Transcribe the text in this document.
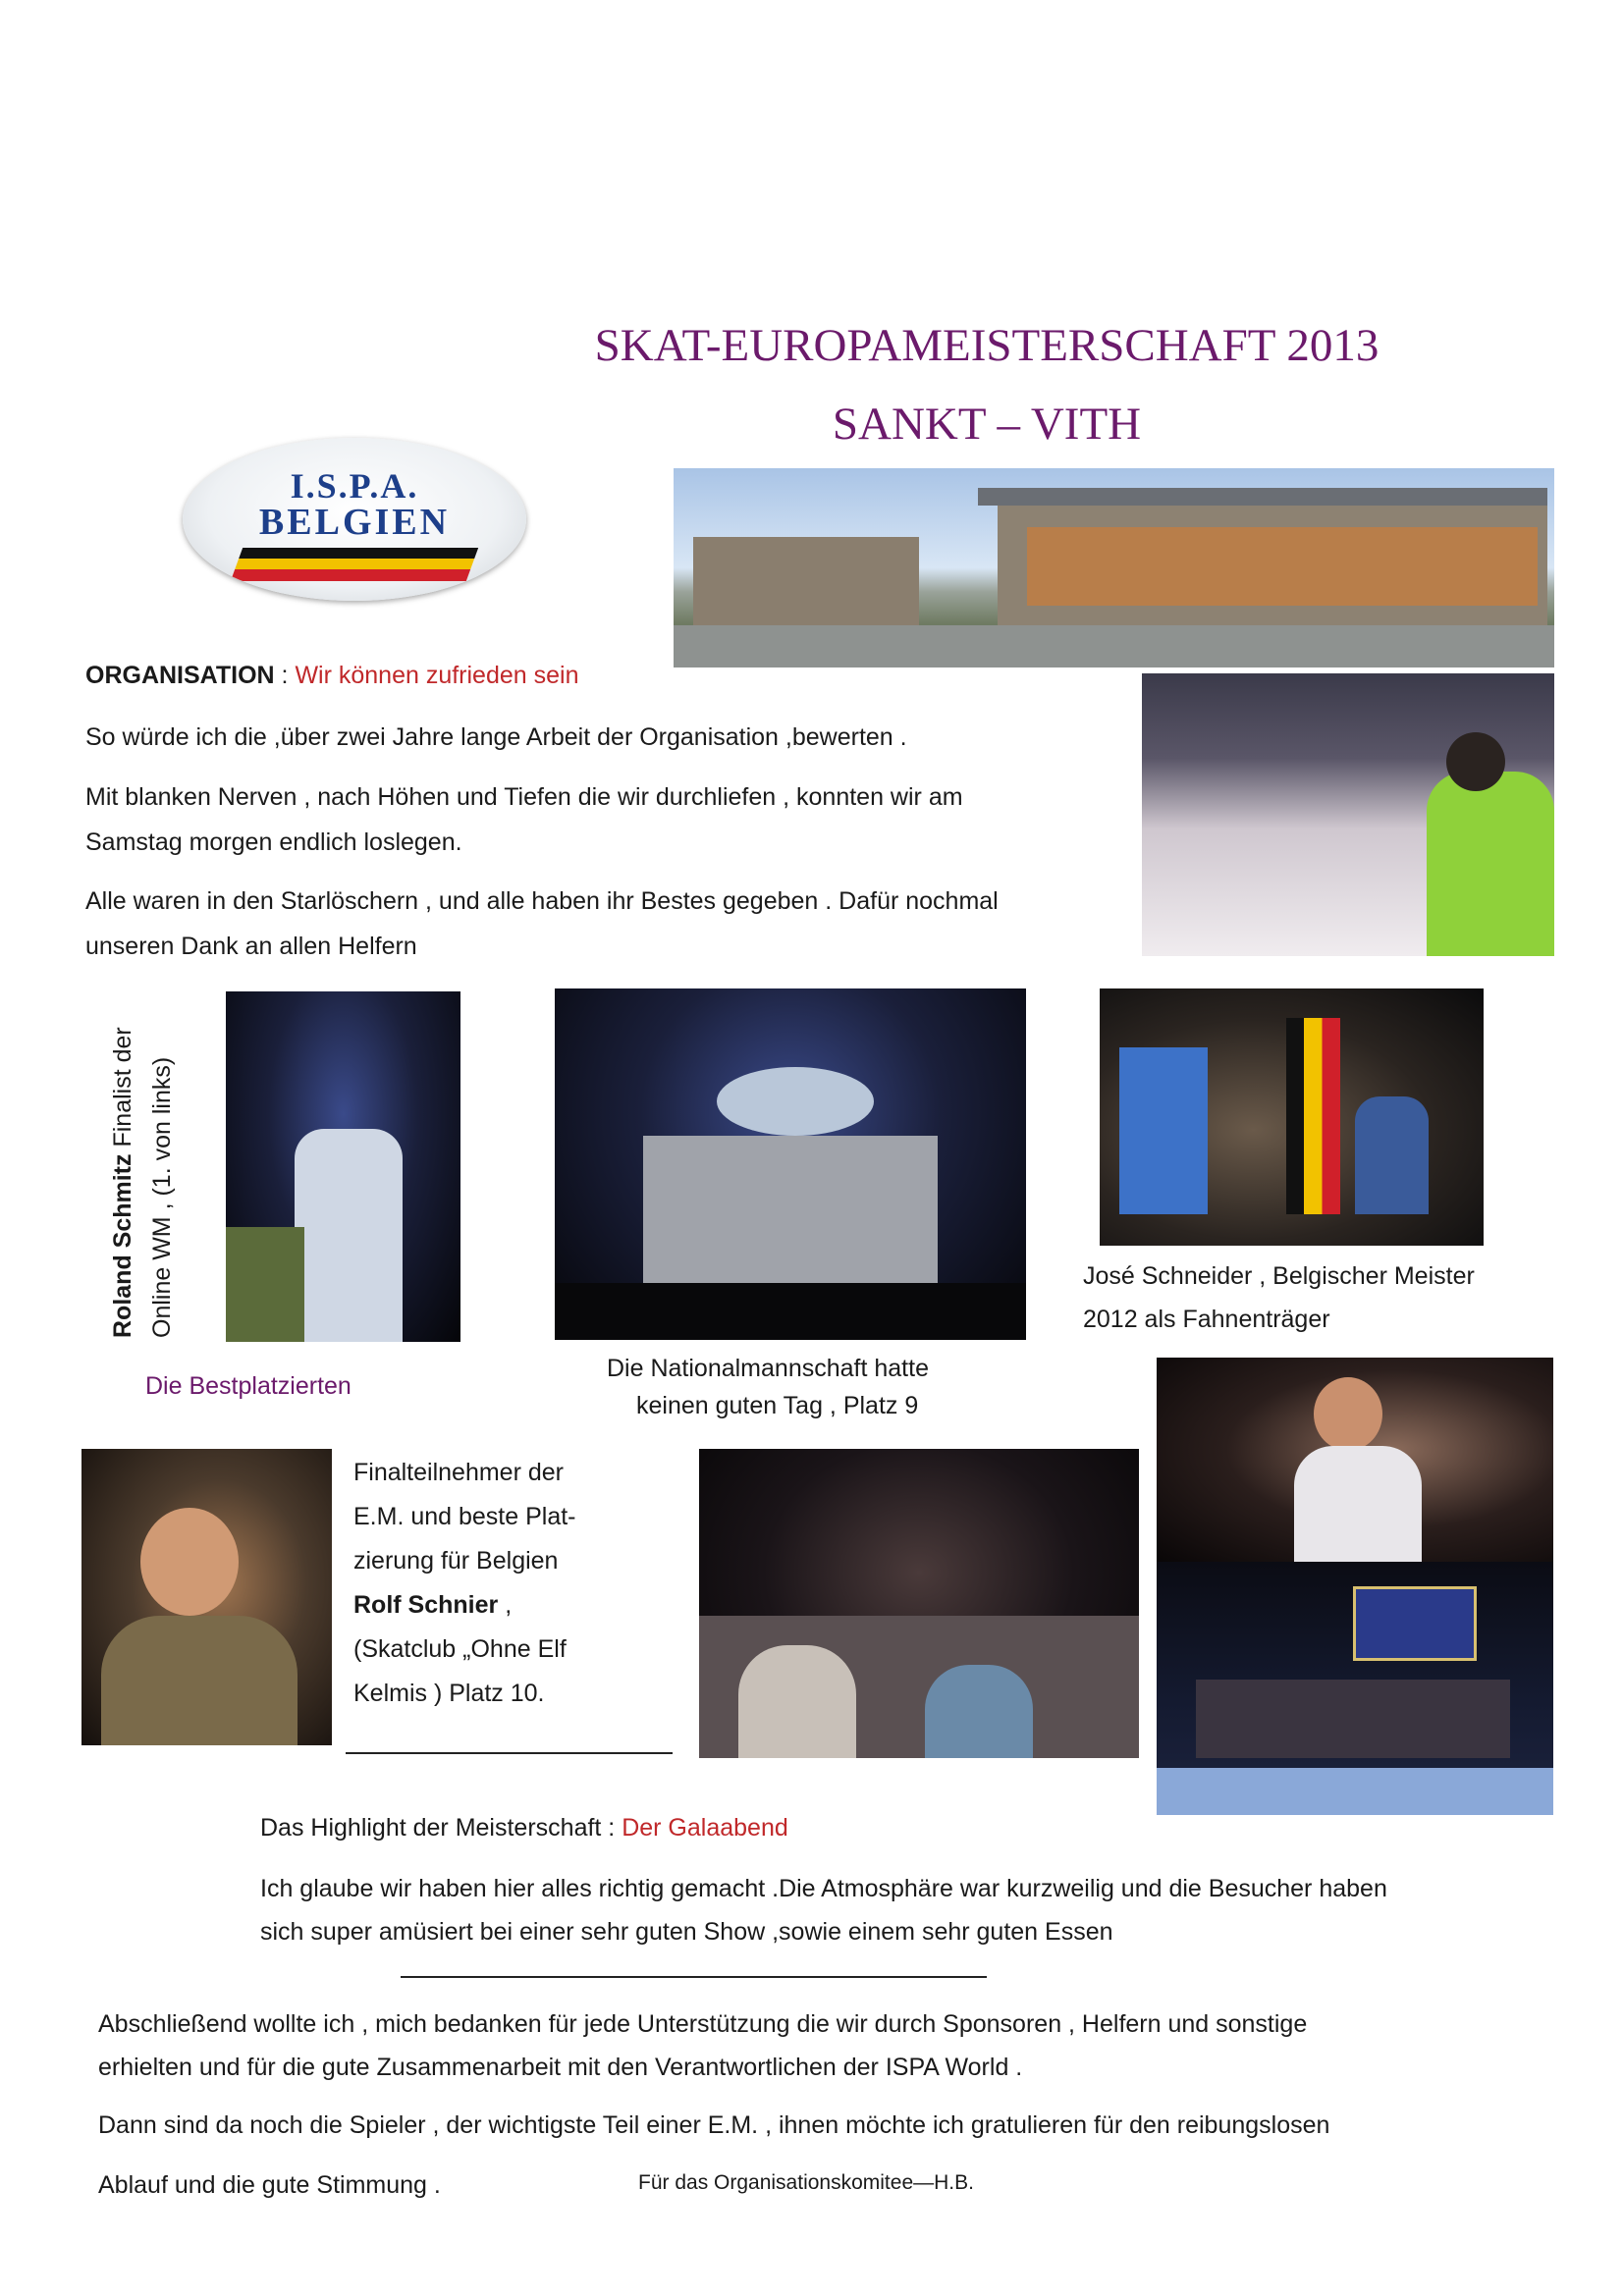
SKAT-EUROPAMEISTERSCHAFT 2013
SANKT – VITH
I.S.P.A.
BELGIEN
ORGANISATION : Wir können zufrieden sein
So würde ich die ,über zwei Jahre lange Arbeit der Organisation ,bewerten .
Mit blanken Nerven , nach Höhen und Tiefen die wir durchliefen , konnten wir am
Samstag morgen endlich loslegen.
Alle waren in den Starlöschern , und alle haben ihr Bestes gegeben . Dafür nochmal
unseren Dank an allen Helfern
Roland Schmitz Finalist der Online WM , (1. von links)
Die Bestplatzierten
Die Nationalmannschaft hatte
keinen guten Tag , Platz 9
José Schneider , Belgischer Meister
2012 als Fahnenträger
Finalteilnehmer der
E.M. und beste Plat-
zierung für Belgien
Rolf Schnier ,
(Skatclub „Ohne Elf
Kelmis ) Platz 10.
Das Highlight der Meisterschaft : Der Galaabend
Ich glaube wir haben hier alles richtig gemacht .Die Atmosphäre war kurzweilig und die Besucher haben
sich super amüsiert bei einer sehr guten Show ,sowie einem sehr guten Essen
Abschließend wollte ich , mich bedanken für jede Unterstützung die wir durch Sponsoren , Helfern und sonstige
erhielten und für die gute Zusammenarbeit mit den Verantwortlichen der ISPA World .
Dann sind da noch die Spieler , der wichtigste Teil einer E.M. , ihnen möchte ich gratulieren für den reibungslosen
Ablauf und die gute Stimmung .	Für das Organisationskomitee—H.B.
